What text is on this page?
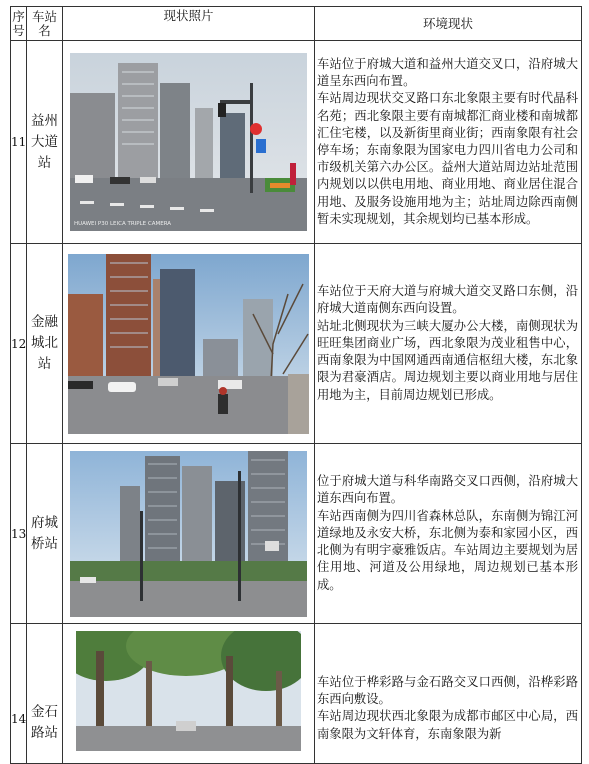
序号	车站名	现状照片	环境现状
11	益州大道站	HUAWEI P30 LEICA TRIPLE CAMERA	车站位于府城大道和益州大道交叉口，沿府城大道呈东西向布置。

车站周边现状交叉路口东北象限主要有时代晶科名苑；西北象限主要有南城都汇商业楼和南城都汇住宅楼，以及新街里商业街；西南象限有社会停车场；东南象限为国家电力四川省电力公司和市级机关第六办公区。益州大道站周边站址范围内规划以以供电用地、商业用地、商业居住混合用地、及服务设施用地为主；站址周边除西南侧暂未实现规划，其余规划均已基本形成。

12	金融城北站		车站位于天府大道与府城大道交叉路口东侧，沿府城大道南侧东西向设置。

站址北侧现状为三峡大厦办公大楼，南侧现状为旺旺集团商业广场，西北象限为茂业租售中心，西南象限为中国网通西南通信枢纽大楼，东北象限为君豪酒店。周边规划主要以商业用地与居住用地为主，目前周边规划已形成。

13	府城桥站		位于府城大道与科华南路交叉口西侧，沿府城大道东西向布置。

车站西南侧为四川省森林总队，东南侧为锦江河道绿地及永安大桥，东北侧为泰和家园小区，西北侧为有明宇豪雅饭店。车站周边主要规划为居住用地、河道及公用绿地，周边规划已基本形成。

14	金石路站		车站位于桦彩路与金石路交叉口西侧，沿桦彩路东西向敷设。

车站周边现状西北象限为成都市邮区中心局，西南象限为文轩体育，东南象限为新
